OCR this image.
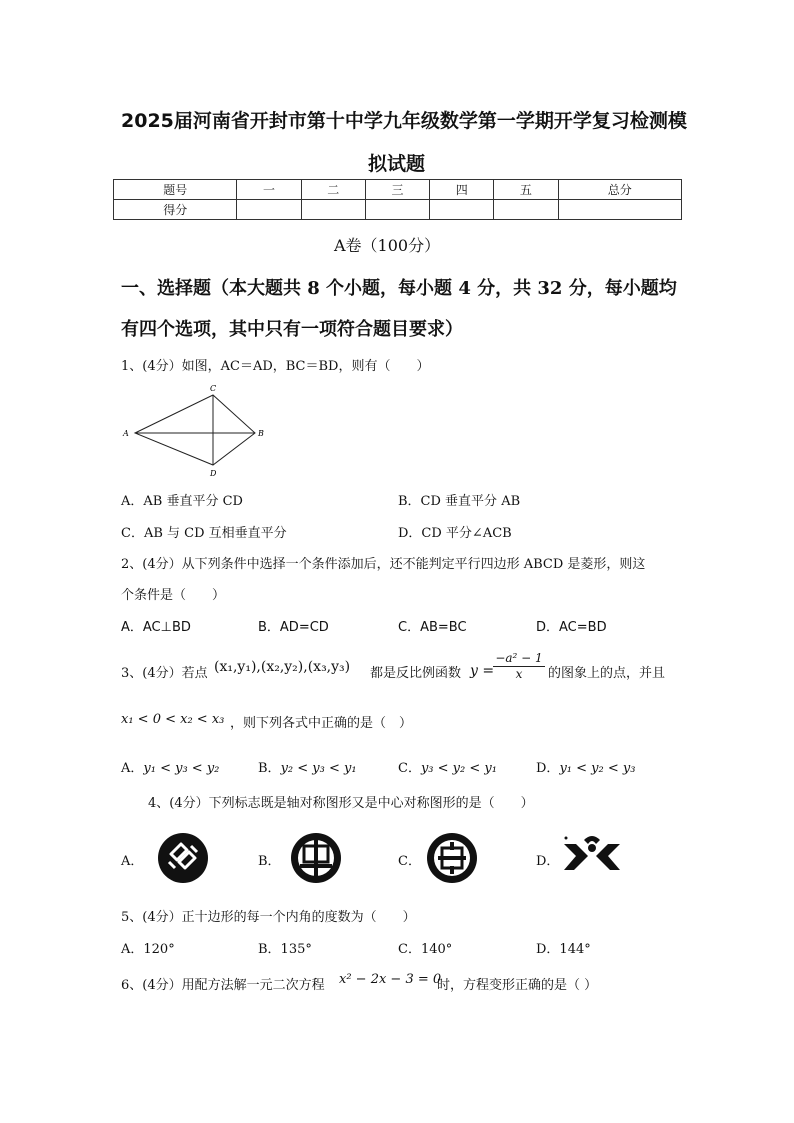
2025届河南省开封市第十中学九年级数学第一学期开学复习检测模
拟试题
题号	一	二	三	四	五	总分
得分						
A卷（100分）
一、选择题（本大题共 8 个小题，每小题 4 分，共 32 分，每小题均
有四个选项，其中只有一项符合题目要求）
1、(4分）如图，AC＝AD，BC＝BD，则有（　　）
C
A	B
D
A．AB 垂直平分 CD	B．CD 垂直平分 AB
C．AB 与 CD 互相垂直平分	D．CD 平分∠ACB
2、(4分）从下列条件中选择一个条件添加后，还不能判定平行四边形 ABCD 是菱形，则这
个条件是（　　）
A．AC⊥BD	B．AD=CD	C．AB=BC	D．AC=BD
3、(4分）若点 (x₁,y₁),(x₂,y₂),(x₃,y₃) 都是反比例函数 y =
−a² − 1
x	的图象上的点，并且
x₁ < 0 < x₂ < x₃ ，则下列各式中正确的是（　）
A．y₁ < y₃ < y₂	B．y₂ < y₃ < y₁	C．y₃ < y₂ < y₁	D．y₁ < y₂ < y₃
4、(4分）下列标志既是轴对称图形又是中心对称图形的是（　　）
A．	B．	C．	D．
5、(4分）正十边形的每一个内角的度数为（　　）
A．120°	B．135°	C．140°	D．144°
6、(4分）用配方法解一元二次方程 x² − 2x − 3 = 0
时，方程变形正确的是（ ）
